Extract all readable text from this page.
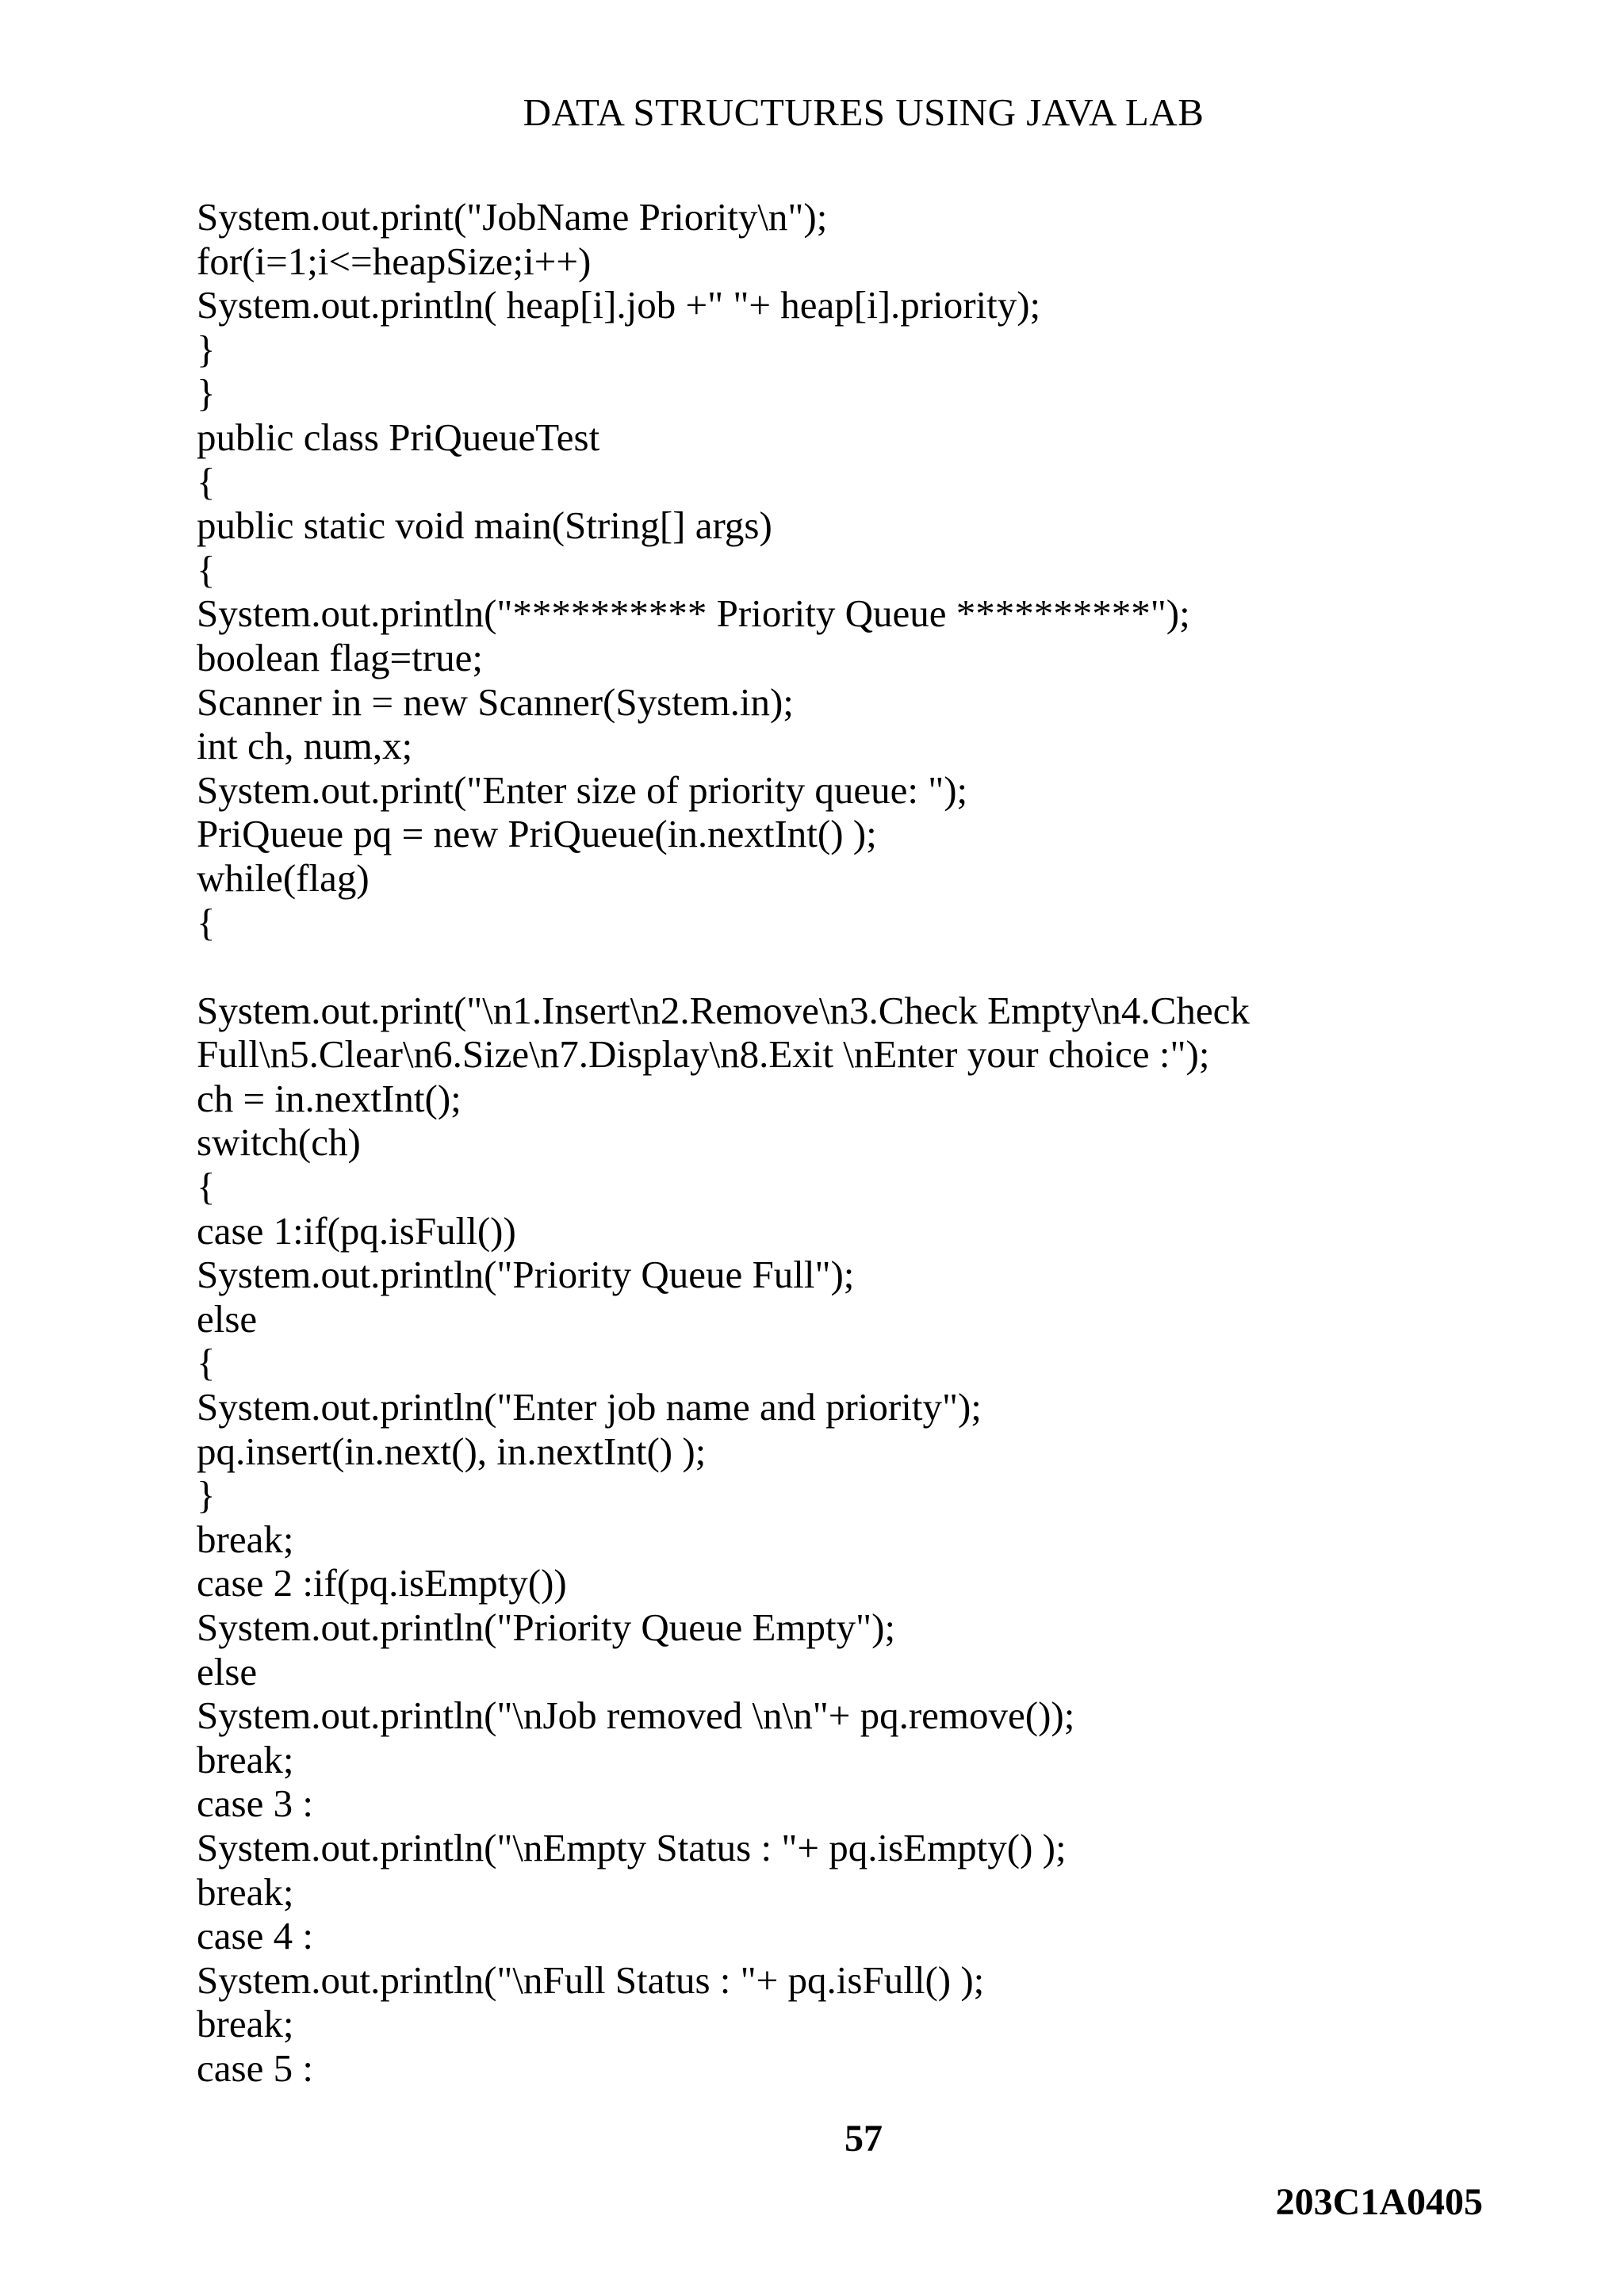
DATA STRUCTURES USING JAVA LAB
System.out.print("JobName Priority\n");
for(i=1;i<=heapSize;i++)
System.out.println( heap[i].job +" "+ heap[i].priority);
}
}
public class PriQueueTest
{
public static void main(String[] args)
{
System.out.println("********** Priority Queue **********");
boolean flag=true;
Scanner in = new Scanner(System.in);
int ch, num,x;
System.out.print("Enter size of priority queue: ");
PriQueue pq = new PriQueue(in.nextInt() );
while(flag)
{
System.out.print("\n1.Insert\n2.Remove\n3.Check Empty\n4.Check
Full\n5.Clear\n6.Size\n7.Display\n8.Exit \nEnter your choice :");
ch = in.nextInt();
switch(ch)
{
case 1:if(pq.isFull())
System.out.println("Priority Queue Full");
else
{
System.out.println("Enter job name and priority");
pq.insert(in.next(), in.nextInt() );
}
break;
case 2 :if(pq.isEmpty())
System.out.println("Priority Queue Empty");
else
System.out.println("\nJob removed \n\n"+ pq.remove());
break;
case 3 :
System.out.println("\nEmpty Status : "+ pq.isEmpty() );
break;
case 4 :
System.out.println("\nFull Status : "+ pq.isFull() );
break;
case 5 :
57
203C1A0405
